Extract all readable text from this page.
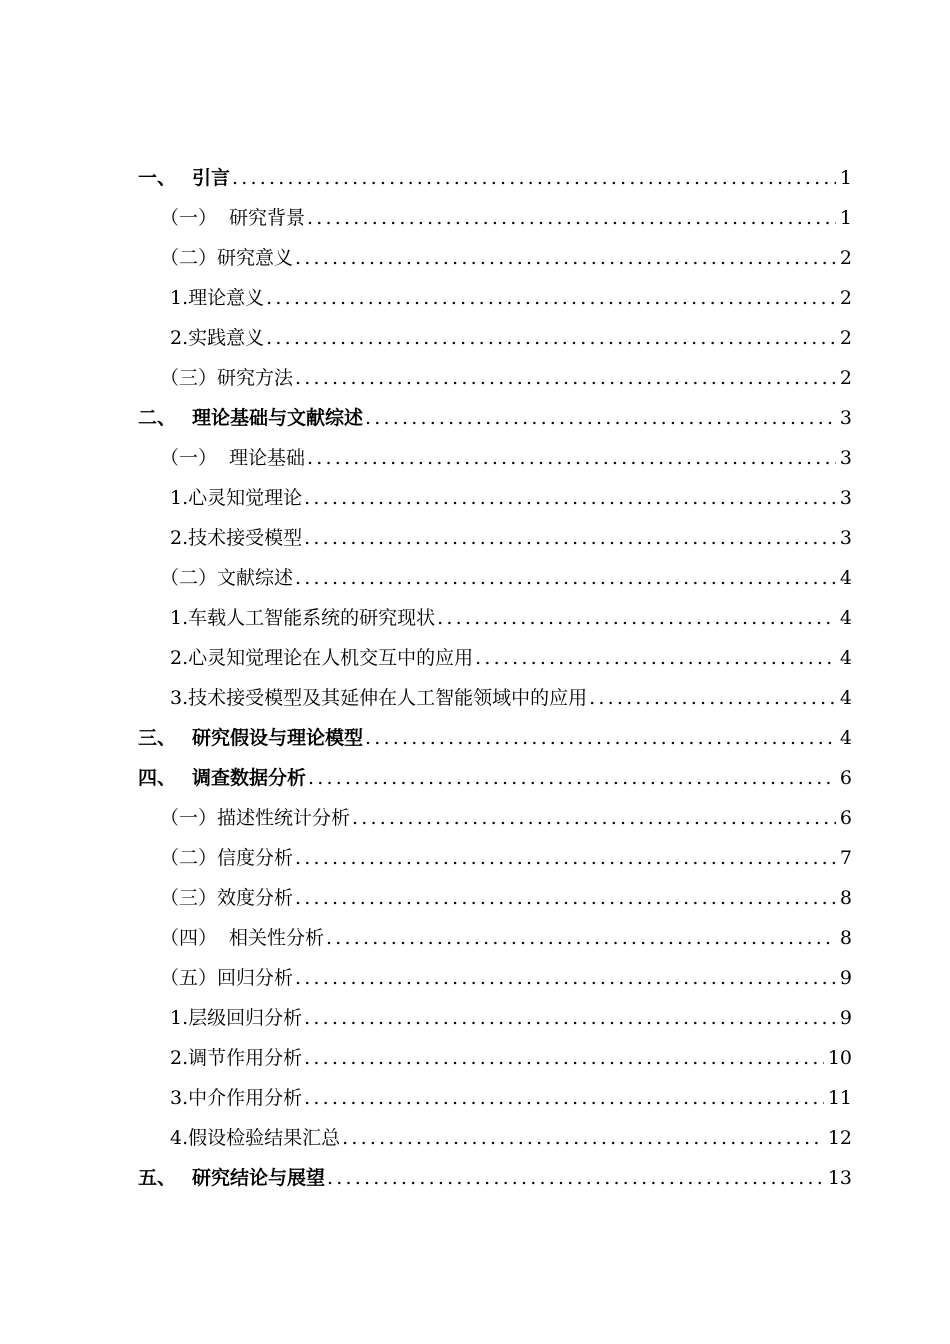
一、 引言 .....	1
（一） 研究背景 .....	1
（二） 研究意义 .....	2
1.理论意义 .....	2
2.实践意义 .....	2
（三） 研究方法 .....	2
二、 理论基础与文献综述 .....	3
（一） 理论基础 .....	3
1.心灵知觉理论 .....	3
2.技术接受模型 .....	3
（二） 文献综述 .....	4
1.车载人工智能系统的研究现状 .....	4
2.心灵知觉理论在人机交互中的应用 .....	4
3.技术接受模型及其延伸在人工智能领域中的应用 .....	4
三、 研究假设与理论模型 .....	4
四、 调查数据分析 .....	6
（一） 描述性统计分析 .....	6
（二） 信度分析 .....	7
（三） 效度分析 .....	8
（四） 相关性分析 .....	8
（五） 回归分析 .....	9
1.层级回归分析 .....	9
2.调节作用分析 .....	10
3.中介作用分析 .....	11
4.假设检验结果汇总 .....	12
五、 研究结论与展望 .....	13
